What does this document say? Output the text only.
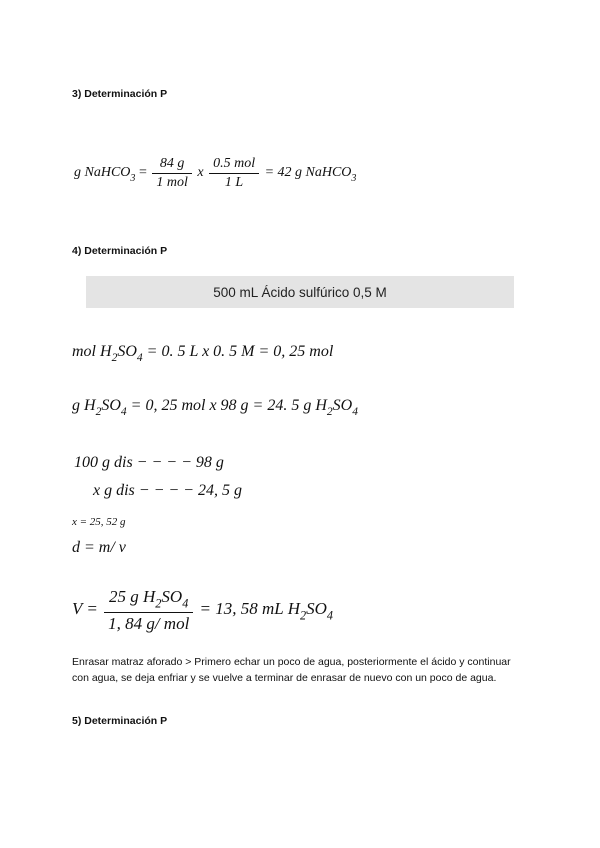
3) Determinación P
g NaHCO$_3$ = $\frac{84 g}{\text{1 mol}}$ x $\frac{\text{0.5 mol}}{1 L} = 42$ g NaHCO$_3$
4) Determinación P
500 mL Ácido sulfúrico 0,5 M
mol $H_2SO_4 = 0$. 5 L x 0. 5 M = 0, 25 mol
g $H_2SO_4 = 0$, 25 mol x 98 g = 24. 5 g $H_2SO_4$
100 g dis − − − − 98 g
x g dis − − − − 24, 5 g
x = 25, 52 g
d = m/ v
$V = \frac{25 g H_2SO_4}{\text{1, 84 g/ mol}} = 13$, 58 mL $H_2SO_4$
Enrasar matraz aforado > Primero echar un poco de agua, posteriormente el ácido y continuar con agua, se deja enfriar y se vuelve a terminar de enrasar de nuevo con un poco de agua.
5) Determinación P
